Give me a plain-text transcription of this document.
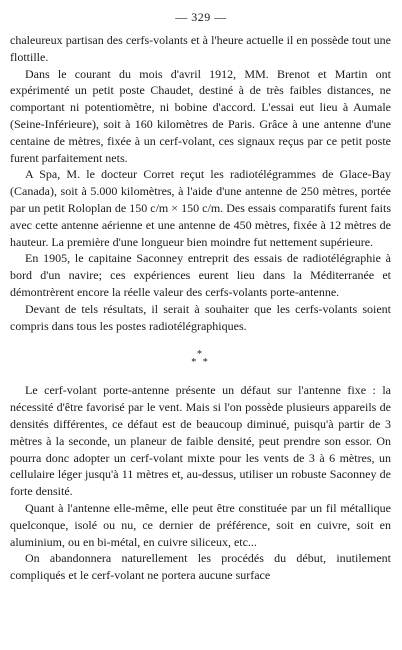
— 329 —

chaleureux partisan des cerfs-volants et à l'heure actuelle il en possède tout une flottille.

Dans le courant du mois d'avril 1912, MM. Brenot et Martin ont expérimenté un petit poste Chaudet, destiné à de très faibles distances, ne comportant ni potentiomètre, ni bobine d'accord. L'essai eut lieu à Aumale (Seine-Inférieure), soit à 160 kilomètres de Paris. Grâce à une antenne d'une centaine de mètres, fixée à un cerf-volant, ces signaux reçus par ce petit poste furent parfaitement nets.

A Spa, M. le docteur Corret reçut les radiotélégrammes de Glace-Bay (Canada), soit à 5.000 kilomètres, à l'aide d'une antenne de 250 mètres, portée par un petit Roloplan de 150 c/m × 150 c/m. Des essais comparatifs furent faits avec cette antenne aérienne et une antenne de 450 mètres, fixée à 12 mètres de hauteur. La première d'une longueur bien moindre fut nettement supérieure.

En 1905, le capitaine Saconney entreprit des essais de radiotélégraphie à bord d'un navire; ces expériences eurent lieu dans la Méditerranée et démontrèrent encore la réelle valeur des cerfs-volants porte-antenne.

Devant de tels résultats, il serait à souhaiter que les cerfs-volants soient compris dans tous les postes radiotélégraphiques.

*
* *

Le cerf-volant porte-antenne présente un défaut sur l'antenne fixe : la nécessité d'être favorisé par le vent. Mais si l'on possède plusieurs appareils de densités différentes, ce défaut est de beaucoup diminué, puisqu'à partir de 3 mètres à la seconde, un planeur de faible densité, peut prendre son essor. On pourra donc adopter un cerf-volant mixte pour les vents de 3 à 6 mètres, un cellulaire léger jusqu'à 11 mètres et, au-dessus, utiliser un robuste Saconney de forte densité.

Quant à l'antenne elle-même, elle peut être constituée par un fil métallique quelconque, isolé ou nu, ce dernier de préférence, soit en cuivre, soit en aluminium, ou en bi-métal, en cuivre siliceux, etc...

On abandonnera naturellement les procédés du début, inutilement compliqués et le cerf-volant ne portera aucune surface
